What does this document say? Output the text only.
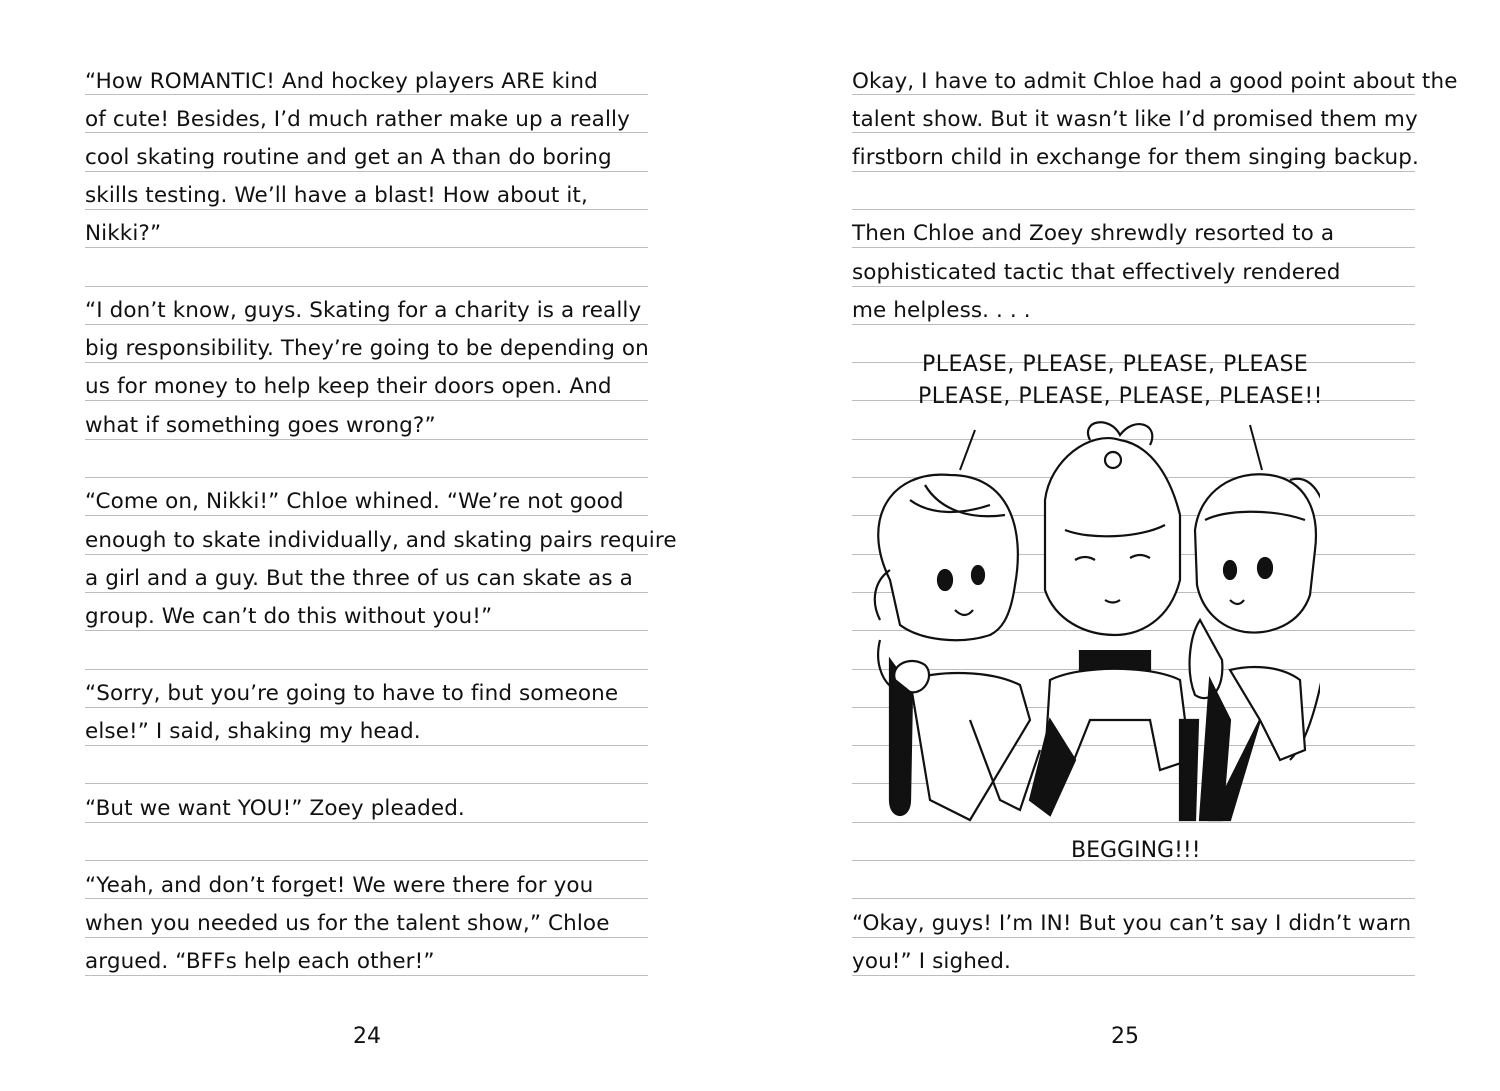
“How ROMANTIC! And hockey players ARE kind
of cute! Besides, I’d much rather make up a really
cool skating routine and get an A than do boring
skills testing. We’ll have a blast! How about it,
Nikki?”
“I don’t know, guys. Skating for a charity is a really
big responsibility. They’re going to be depending on
us for money to help keep their doors open. And
what if something goes wrong?”
“Come on, Nikki!” Chloe whined. “We’re not good
enough to skate individually, and skating pairs require
a girl and a guy. But the three of us can skate as a
group. We can’t do this without you!”
“Sorry, but you’re going to have to find someone
else!” I said, shaking my head.
“But we want YOU!” Zoey pleaded.
“Yeah, and don’t forget! We were there for you
when you needed us for the talent show,” Chloe
argued. “BFFs help each other!”
24
Okay, I have to admit Chloe had a good point about the
talent show. But it wasn’t like I’d promised them my
firstborn child in exchange for them singing backup.
Then Chloe and Zoey shrewdly resorted to a
sophisticated tactic that effectively rendered
me helpless. . . .
“Okay, guys! I’m IN! But you can’t say I didn’t warn
you!” I sighed.
PLEASE, PLEASE, PLEASE, PLEASE
PLEASE, PLEASE, PLEASE, PLEASE!!
BEGGING!!!
25
